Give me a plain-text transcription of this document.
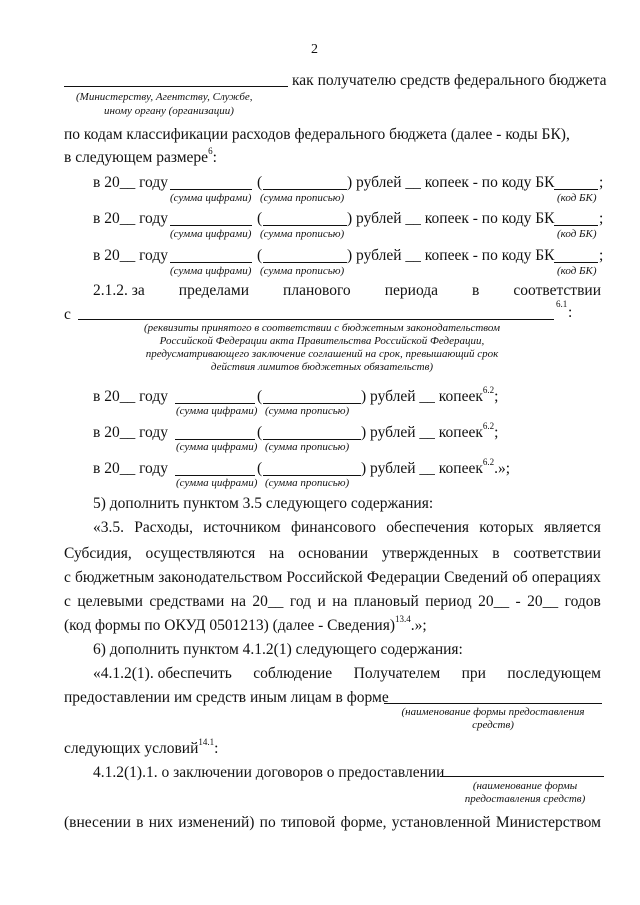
2
как получателю средств федерального бюджета
(Министерству, Агентству, Службе,
иному органу (организации)
по кодам классификации расходов федерального бюджета (далее - коды БК),
в следующем размере$^6$:
в 20__ году	(	) рублей __ копеек - по коду БК	;
(сумма цифрами) (сумма прописью)	(код БК)
в 20__ году	(	) рублей __ копеек - по коду БК	;
(сумма цифрами) (сумма прописью)	(код БК)
в 20__ году	(	) рублей __ копеек - по коду БК	;
(сумма цифрами) (сумма прописью)	(код БК)
2.1.2. за пределами планового периода в соответствии
с
6.1 :
(реквизиты принятого в соответствии с бюджетным законодательством Российской Федерации акта Правительства Российской Федерации, предусматривающего заключение соглашений на срок, превышающий срок действия лимитов бюджетных обязательств)
в 20__ году	(	) рублей __ копеек$^{6.2}$;
(сумма цифрами) (сумма прописью)
в 20__ году	(	) рублей __ копеек$^{6.2}$;
(сумма цифрами) (сумма прописью)
в 20__ году	(	) рублей __ копеек$^{6.2}$.»;
(сумма цифрами) (сумма прописью)
5) дополнить пунктом 3.5 следующего содержания:
«3.5. Расходы, источником финансового обеспечения которых является
Субсидия, осуществляются на основании утвержденных в соответствии
с бюджетным законодательством Российской Федерации Сведений об операциях
с целевыми средствами на 20__ год и на плановый период 20__ - 20__ годов
(код формы по ОКУД 0501213) (далее - Сведения)$^{13.4}$.»;
6) дополнить пунктом 4.1.2(1) следующего содержания:
«4.1.2(1). обеспечить соблюдение Получателем при последующем
предоставлении им средств иным лицам в форме
(наименование формы предоставления средств)
следующих условий$^{14.1}$:
4.1.2(1).1. о заключении договоров о предоставлении
(наименование формы предоставления средств)
(внесении в них изменений) по типовой форме, установленной Министерством
